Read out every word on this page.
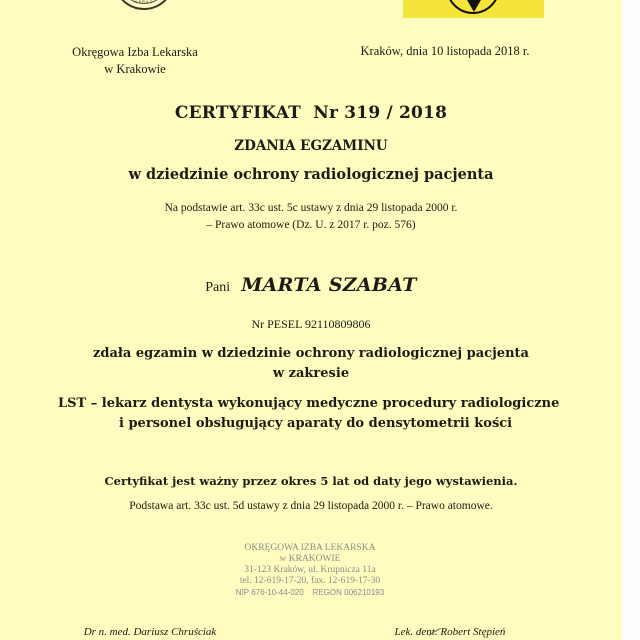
NARAD
Okręgowa Izba Lekarska
w Krakowie
Kraków, dnia 10 listopada 2018 r.
CERTYFIKAT  Nr 319 / 2018
ZDANIA EGZAMINU
w dziedzinie ochrony radiologicznej pacjenta
Na podstawie art. 33c ust. 5c ustawy z dnia 29 listopada 2000 r.
– Prawo atomowe (Dz. U. z 2017 r. poz. 576)
Pani MARTA SZABAT
Nr PESEL 92110809806
zdała egzamin w dziedzinie ochrony radiologicznej pacjenta
w zakresie
LST – lekarz dentysta wykonujący medyczne procedury radiologiczne
i personel obsługujący aparaty do densytometrii kości
Certyfikat jest ważny przez okres 5 lat od daty jego wystawienia.
Podstawa art. 33c ust. 5d ustawy z dnia 29 listopada 2000 r. – Prawo atomowe.
OKRĘGOWA IZBA LEKARSKA
w KRAKOWIE
31-123 Kraków, ul. Krupnicza 11a
tel. 12-619-17-20, fax. 12-619-17-30
NIP 676-10-44-020    REGON 006210193
Dr n. med. Dariusz Chruściak	Lek. dent. Robert Stępień
